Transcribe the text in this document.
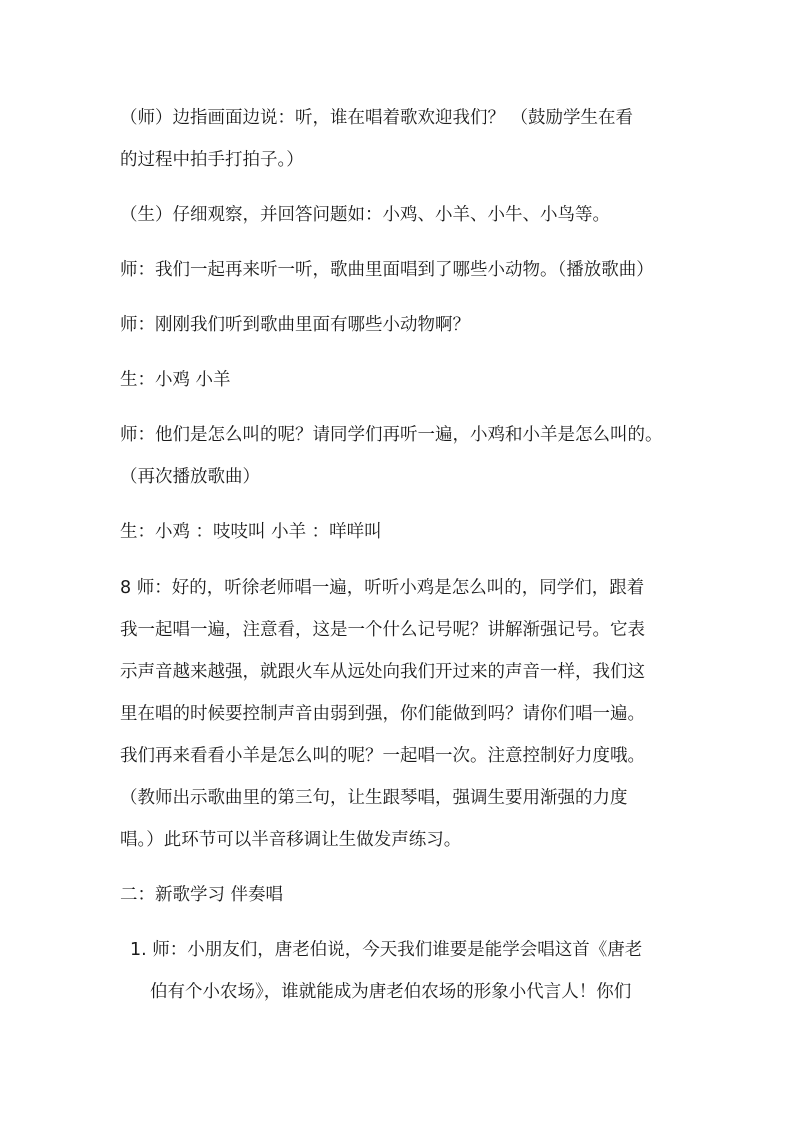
（师）边指画面边说：听，谁在唱着歌欢迎我们？ （鼓励学生在看
的过程中拍手打拍子。）
（生）仔细观察，并回答问题如：小鸡、小羊、小牛、小鸟等。
师：我们一起再来听一听，歌曲里面唱到了哪些小动物。（播放歌曲）
师：刚刚我们听到歌曲里面有哪些小动物啊？
生：小鸡 小羊
师：他们是怎么叫的呢？请同学们再听一遍，小鸡和小羊是怎么叫的。
（再次播放歌曲）
生：小鸡 ：吱吱叫 小羊 ：咩咩叫
8 师：好的，听徐老师唱一遍，听听小鸡是怎么叫的，同学们，跟着
我一起唱一遍，注意看，这是一个什么记号呢？讲解渐强记号。它表
示声音越来越强，就跟火车从远处向我们开过来的声音一样，我们这
里在唱的时候要控制声音由弱到强，你们能做到吗？请你们唱一遍。
我们再来看看小羊是怎么叫的呢？一起唱一次。注意控制好力度哦。
（教师出示歌曲里的第三句，让生跟琴唱，强调生要用渐强的力度
唱。）此环节可以半音移调让生做发声练习。
二：新歌学习 伴奏唱
1. 师：小朋友们，唐老伯说，今天我们谁要是能学会唱这首《唐老
伯有个小农场》，谁就能成为唐老伯农场的形象小代言人！你们
